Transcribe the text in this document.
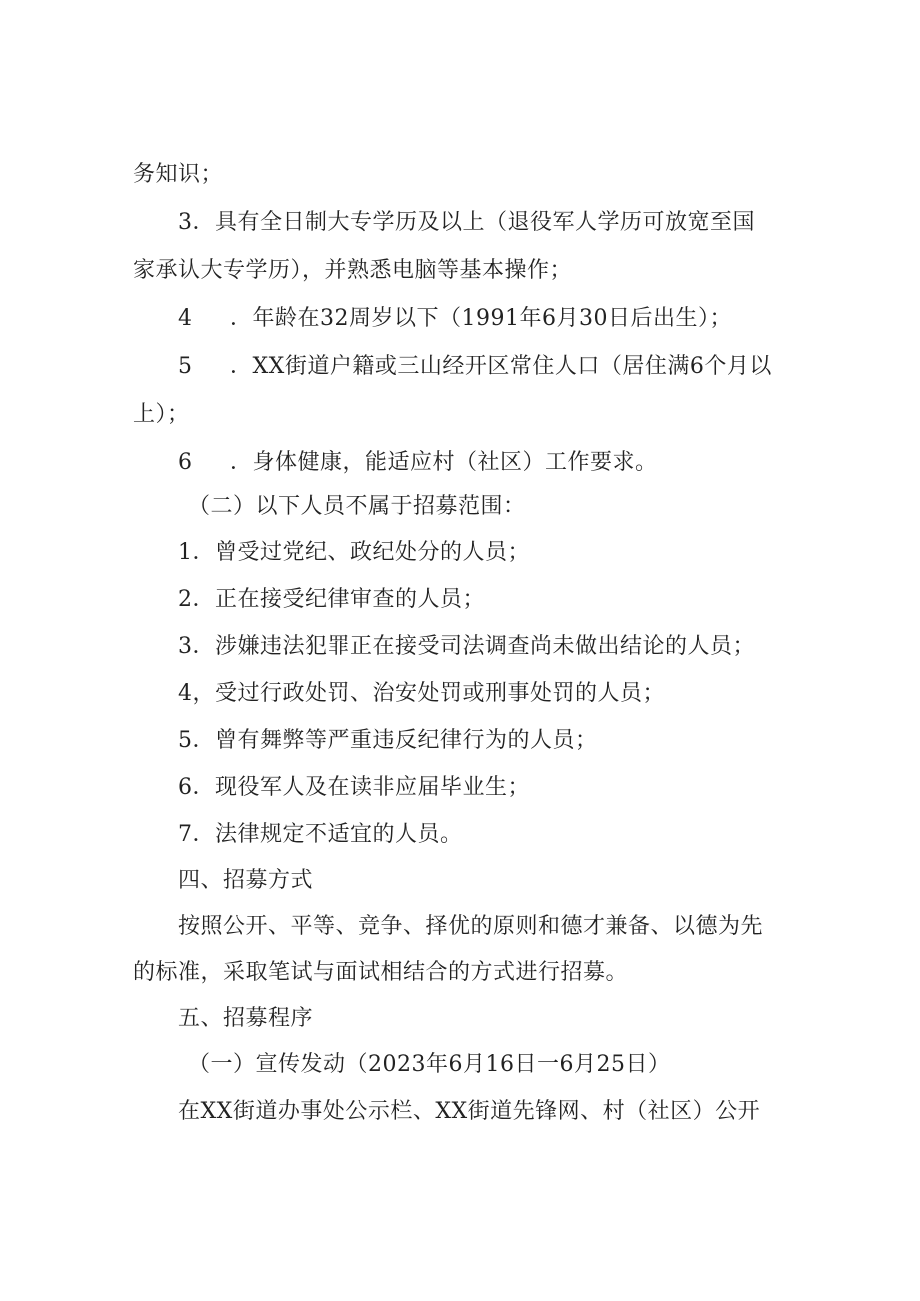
务知识；
3．具有全日制大专学历及以上（退役军人学历可放宽至国
家承认大专学历），并熟悉电脑等基本操作；
4 ．年龄在32周岁以下（1991年6月30日后出生）；
5 ．XX街道户籍或三山经开区常住人口（居住满6个月以
上）；
6 ．身体健康，能适应村（社区）工作要求。
（二）以下人员不属于招募范围：
1．曾受过党纪、政纪处分的人员；
2．正在接受纪律审查的人员；
3．涉嫌违法犯罪正在接受司法调查尚未做出结论的人员；
4，受过行政处罚、治安处罚或刑事处罚的人员；
5．曾有舞弊等严重违反纪律行为的人员；
6．现役军人及在读非应届毕业生；
7．法律规定不适宜的人员。
四、招募方式
按照公开、平等、竞争、择优的原则和德才兼备、以德为先
的标准，采取笔试与面试相结合的方式进行招募。
五、招募程序
（一）宣传发动（2023年6月16日一6月25日）
在XX街道办事处公示栏、XX街道先锋网、村（社区）公开
